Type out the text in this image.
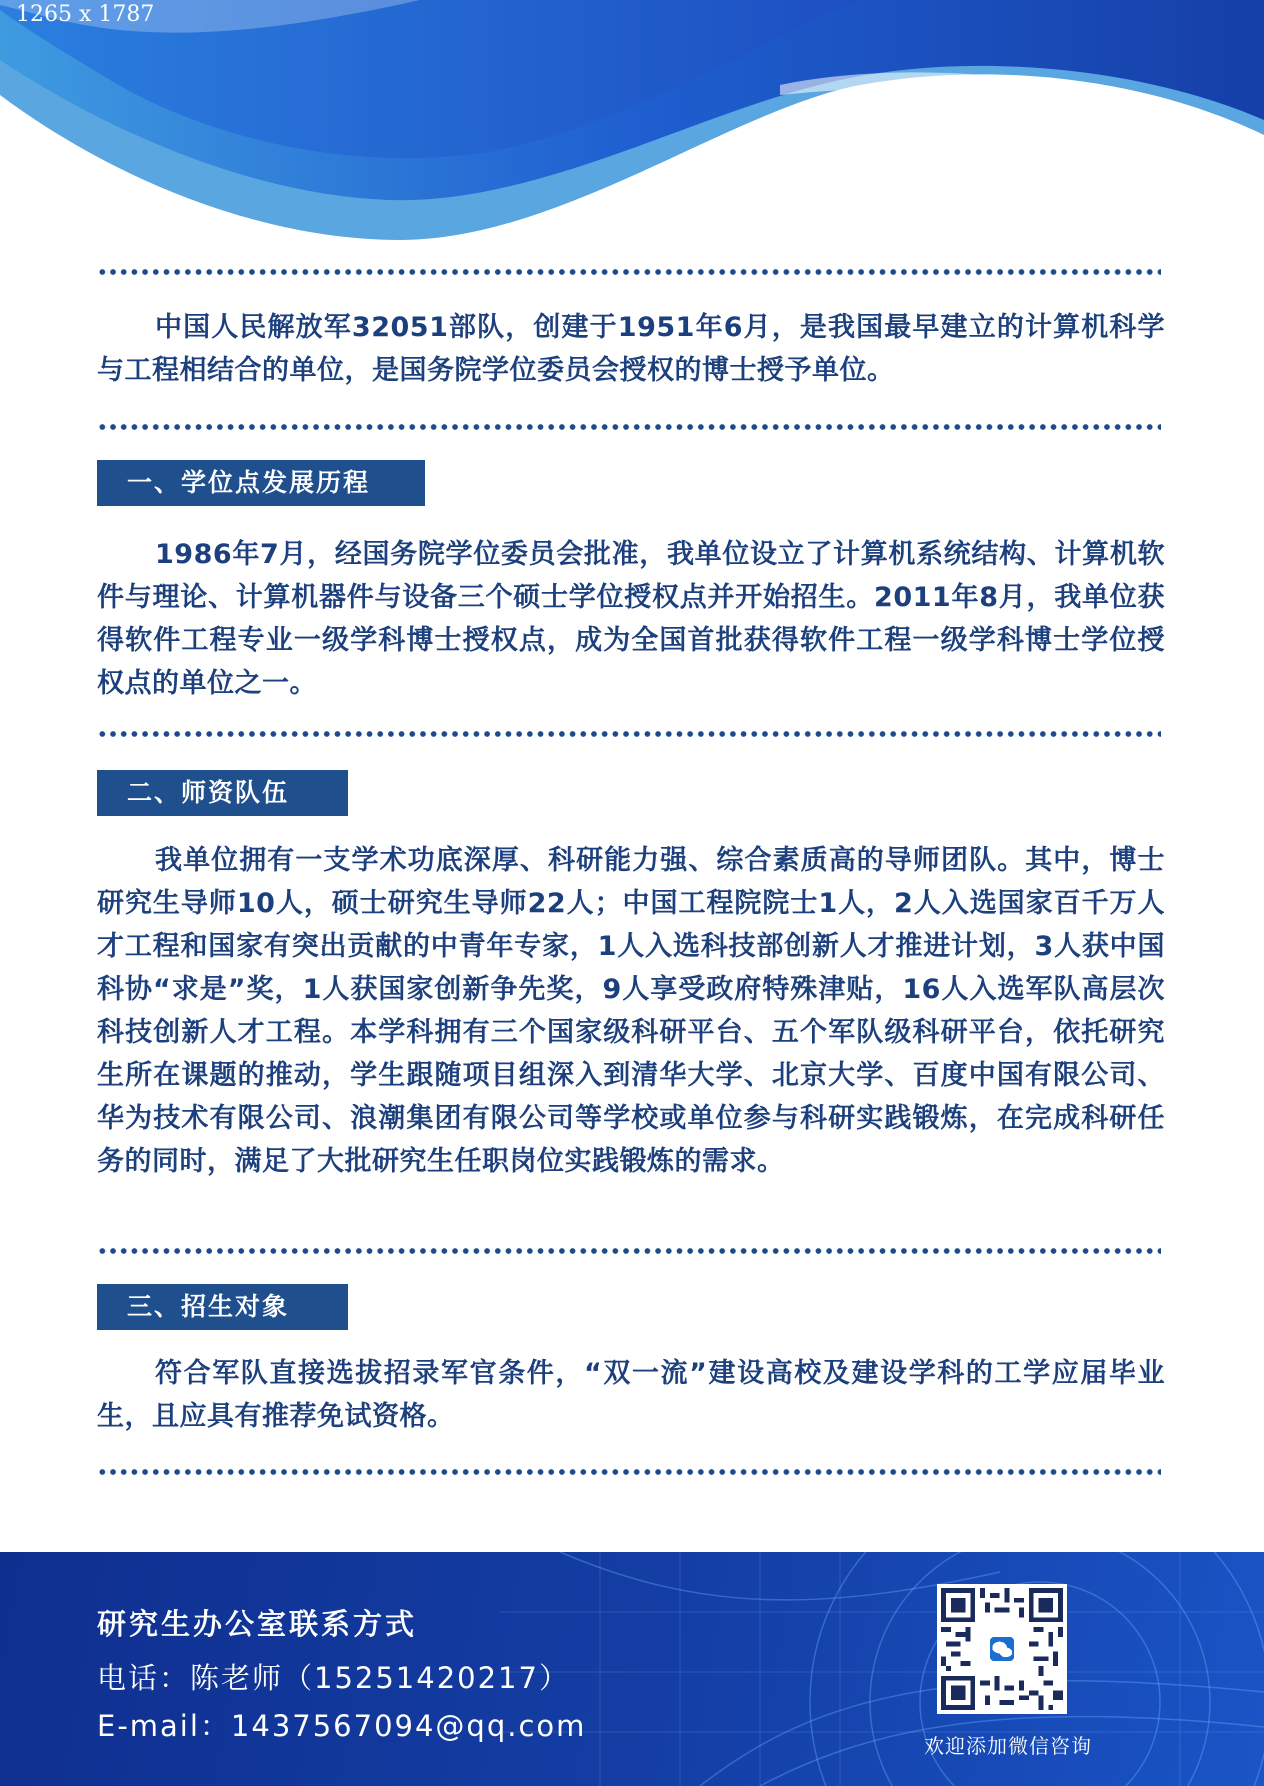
1265 x 1787

中国人民解放军32051部队，创建于1951年6月，是我国最早建立的计算机科学与工程相结合的单位，是国务院学位委员会授权的博士授予单位。

一、学位点发展历程

1986年7月，经国务院学位委员会批准，我单位设立了计算机系统结构、计算机软件与理论、计算机器件与设备三个硕士学位授权点并开始招生。2011年8月，我单位获得软件工程专业一级学科博士授权点，成为全国首批获得软件工程一级学科博士学位授权点的单位之一。

二、师资队伍

我单位拥有一支学术功底深厚、科研能力强、综合素质高的导师团队。其中，博士研究生导师10人，硕士研究生导师22人；中国工程院院士1人，2人入选国家百千万人才工程和国家有突出贡献的中青年专家，1人入选科技部创新人才推进计划，3人获中国科协“求是”奖，1人获国家创新争先奖，9人享受政府特殊津贴，16人入选军队高层次科技创新人才工程。本学科拥有三个国家级科研平台、五个军队级科研平台，依托研究生所在课题的推动，学生跟随项目组深入到清华大学、北京大学、百度中国有限公司、华为技术有限公司、浪潮集团有限公司等学校或单位参与科研实践锻炼，在完成科研任务的同时，满足了大批研究生任职岗位实践锻炼的需求。

三、招生对象

符合军队直接选拔招录军官条件，“双一流”建设高校及建设学科的工学应届毕业生，且应具有推荐免试资格。

研究生办公室联系方式
电话：陈老师（15251420217）
E-mail：1437567094@qq.com
欢迎添加微信咨询
